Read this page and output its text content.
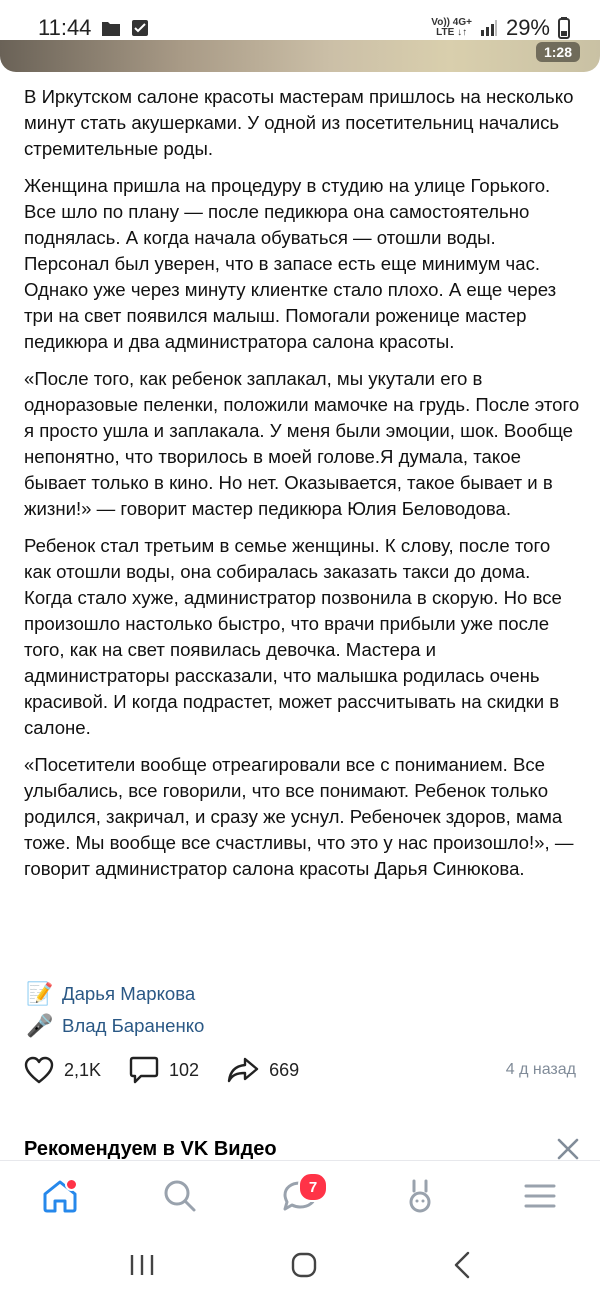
11:44	Vo)) 4G+
LTE ↓↑ 29%
1:28

В Иркутском салоне красоты мастерам пришлось на несколько минут стать акушерками. У одной из посетительниц начались стремительные роды.

Женщина пришла на процедуру в студию на улице Горького. Все шло по плану — после педикюра она самостоятельно поднялась. А когда начала обуваться — отошли воды. Персонал был уверен, что в запасе есть еще минимум час. Однако уже через минуту клиентке стало плохо. А еще через три на свет появился малыш. Помогали роженице мастер педикюра и два администратора салона красоты.

«После того, как ребенок заплакал, мы укутали его в одноразовые пеленки, положили мамочке на грудь. После этого я просто ушла и заплакала. У меня были эмоции, шок. Вообще непонятно, что творилось в моей голове.Я думала, такое бывает только в кино. Но нет. Оказывается, такое бывает и в жизни!» — говорит мастер педикюра Юлия Беловодова.

Ребенок стал третьим в семье женщины. К слову, после того как отошли воды, она собиралась заказать такси до дома. Когда стало хуже, администратор позвонила в скорую. Но все произошло настолько быстро, что врачи прибыли уже после того, как на свет появилась девочка. Мастера и администраторы рассказали, что малышка родилась очень красивой. И когда подрастет, может рассчитывать на скидки в салоне.

«Посетители вообще отреагировали все с пониманием. Все улыбались, все говорили, что все понимают. Ребенок только родился, закричал, и сразу же уснул. Ребеночек здоров, мама тоже. Мы вообще все счастливы, что это у нас произошло!», — говорит администратор салона красоты Дарья Синюкова.

📝 Дарья Маркова
🎤 Влад Бараненко
2,1K	102	669	4 д назад
Рекомендуем в VK Видео
7
